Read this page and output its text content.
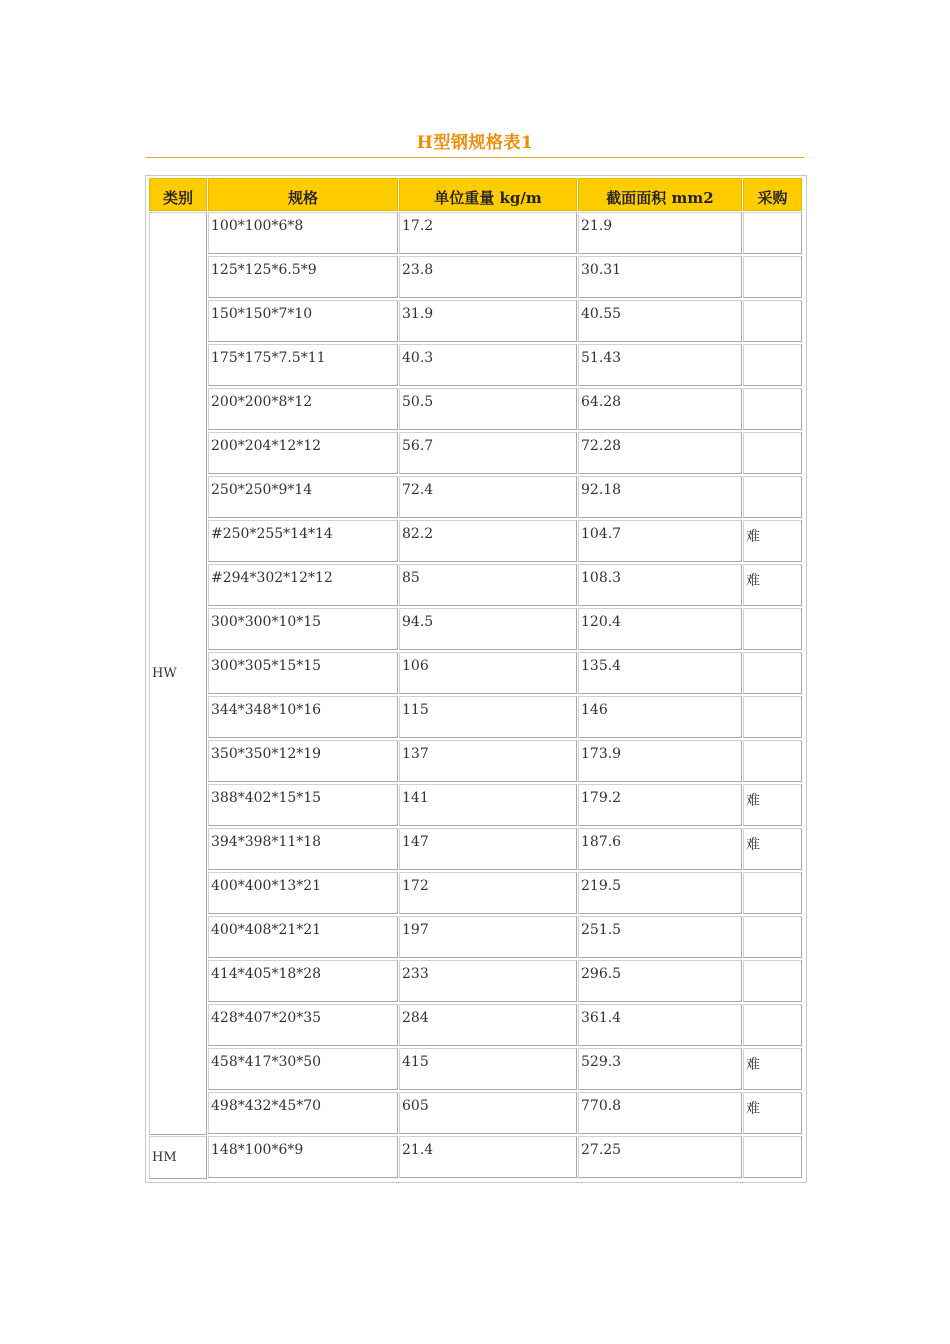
H型钢规格表1
类别	规格	单位重量 kg/m	截面面积 mm2	采购
HW
100*100*6*8	17.2	21.9
125*125*6.5*9	23.8	30.31
150*150*7*10	31.9	40.55
175*175*7.5*11	40.3	51.43
200*200*8*12	50.5	64.28
200*204*12*12	56.7	72.28
250*250*9*14	72.4	92.18
#250*255*14*14	82.2	104.7	难
#294*302*12*12	85	108.3	难
300*300*10*15	94.5	120.4
300*305*15*15	106	135.4
344*348*10*16	115	146
350*350*12*19	137	173.9
388*402*15*15	141	179.2	难
394*398*11*18	147	187.6	难
400*400*13*21	172	219.5
400*408*21*21	197	251.5
414*405*18*28	233	296.5
428*407*20*35	284	361.4
458*417*30*50	415	529.3	难
498*432*45*70	605	770.8	难
HM	148*100*6*9	21.4	27.25
